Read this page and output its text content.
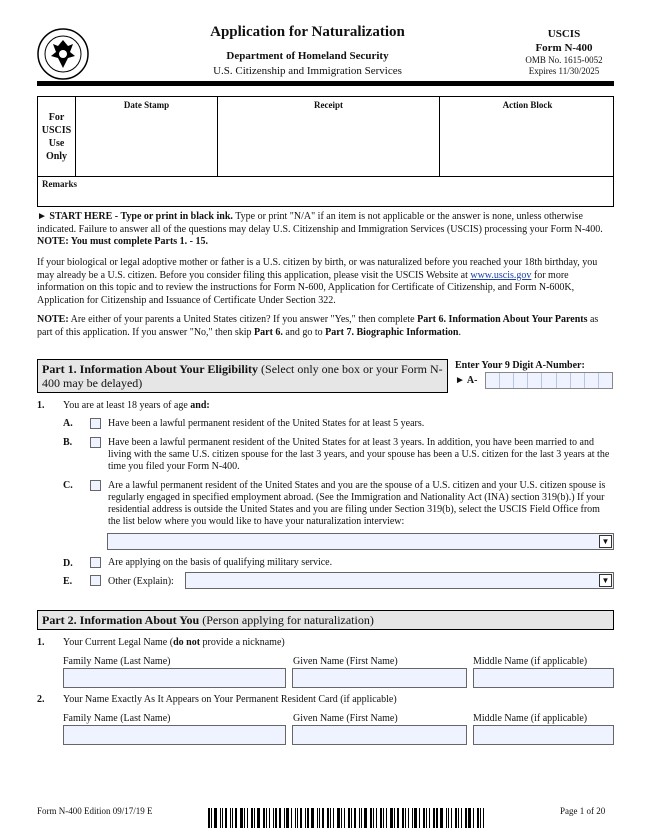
Application for Naturalization
Department of Homeland Security
U.S. Citizenship and Immigration Services
USCIS
Form N-400
OMB No. 1615-0052
Expires 11/30/2025
For
USCIS
Use
Only
Date Stamp	Receipt	Action Block
Remarks
► START HERE - Type or print in black ink. Type or print "N/A" if an item is not applicable or the answer is none, unless otherwise indicated. Failure to answer all of the questions may delay U.S. Citizenship and Immigration Services (USCIS) processing your Form N-400. NOTE: You must complete Parts 1. - 15.
If your biological or legal adoptive mother or father is a U.S. citizen by birth, or was naturalized before you reached your 18th birthday, you may already be a U.S. citizen. Before you consider filing this application, please visit the USCIS Website at www.uscis.gov for more information on this topic and to review the instructions for Form N-600, Application for Certificate of Citizenship, and Form N-600K, Application for Citizenship and Issuance of Certificate Under Section 322.
NOTE: Are either of your parents a United States citizen? If you answer "Yes," then complete Part 6. Information About Your Parents as part of this application. If you answer "No," then skip Part 6. and go to Part 7. Biographic Information.
Part 1. Information About Your Eligibility (Select only one box or your Form N-400 may be delayed)
Enter Your 9 Digit A-Number:
► A-
1. You are at least 18 years of age and:
A.	Have been a lawful permanent resident of the United States for at least 5 years.
B.	Have been a lawful permanent resident of the United States for at least 3 years. In addition, you have been married to and living with the same U.S. citizen spouse for the last 3 years, and your spouse has been a U.S. citizen for the last 3 years at the time you filed your Form N-400.
C.	Are a lawful permanent resident of the United States and you are the spouse of a U.S. citizen and your U.S. citizen spouse is regularly engaged in specified employment abroad. (See the Immigration and Nationality Act (INA) section 319(b).) If your residential address is outside the United States and you are filing under Section 319(b), select the USCIS Field Office from the list below where you would like to have your naturalization interview:
▼
D.	Are applying on the basis of qualifying military service.
E.	Other (Explain):	▼
Part 2. Information About You (Person applying for naturalization)
1. Your Current Legal Name (do not provide a nickname)
Family Name (Last Name)	Given Name (First Name)	Middle Name (if applicable)
2. Your Name Exactly As It Appears on Your Permanent Resident Card (if applicable)
Family Name (Last Name)	Given Name (First Name)	Middle Name (if applicable)
Form N-400 Edition 09/17/19 E	Page 1 of 20
